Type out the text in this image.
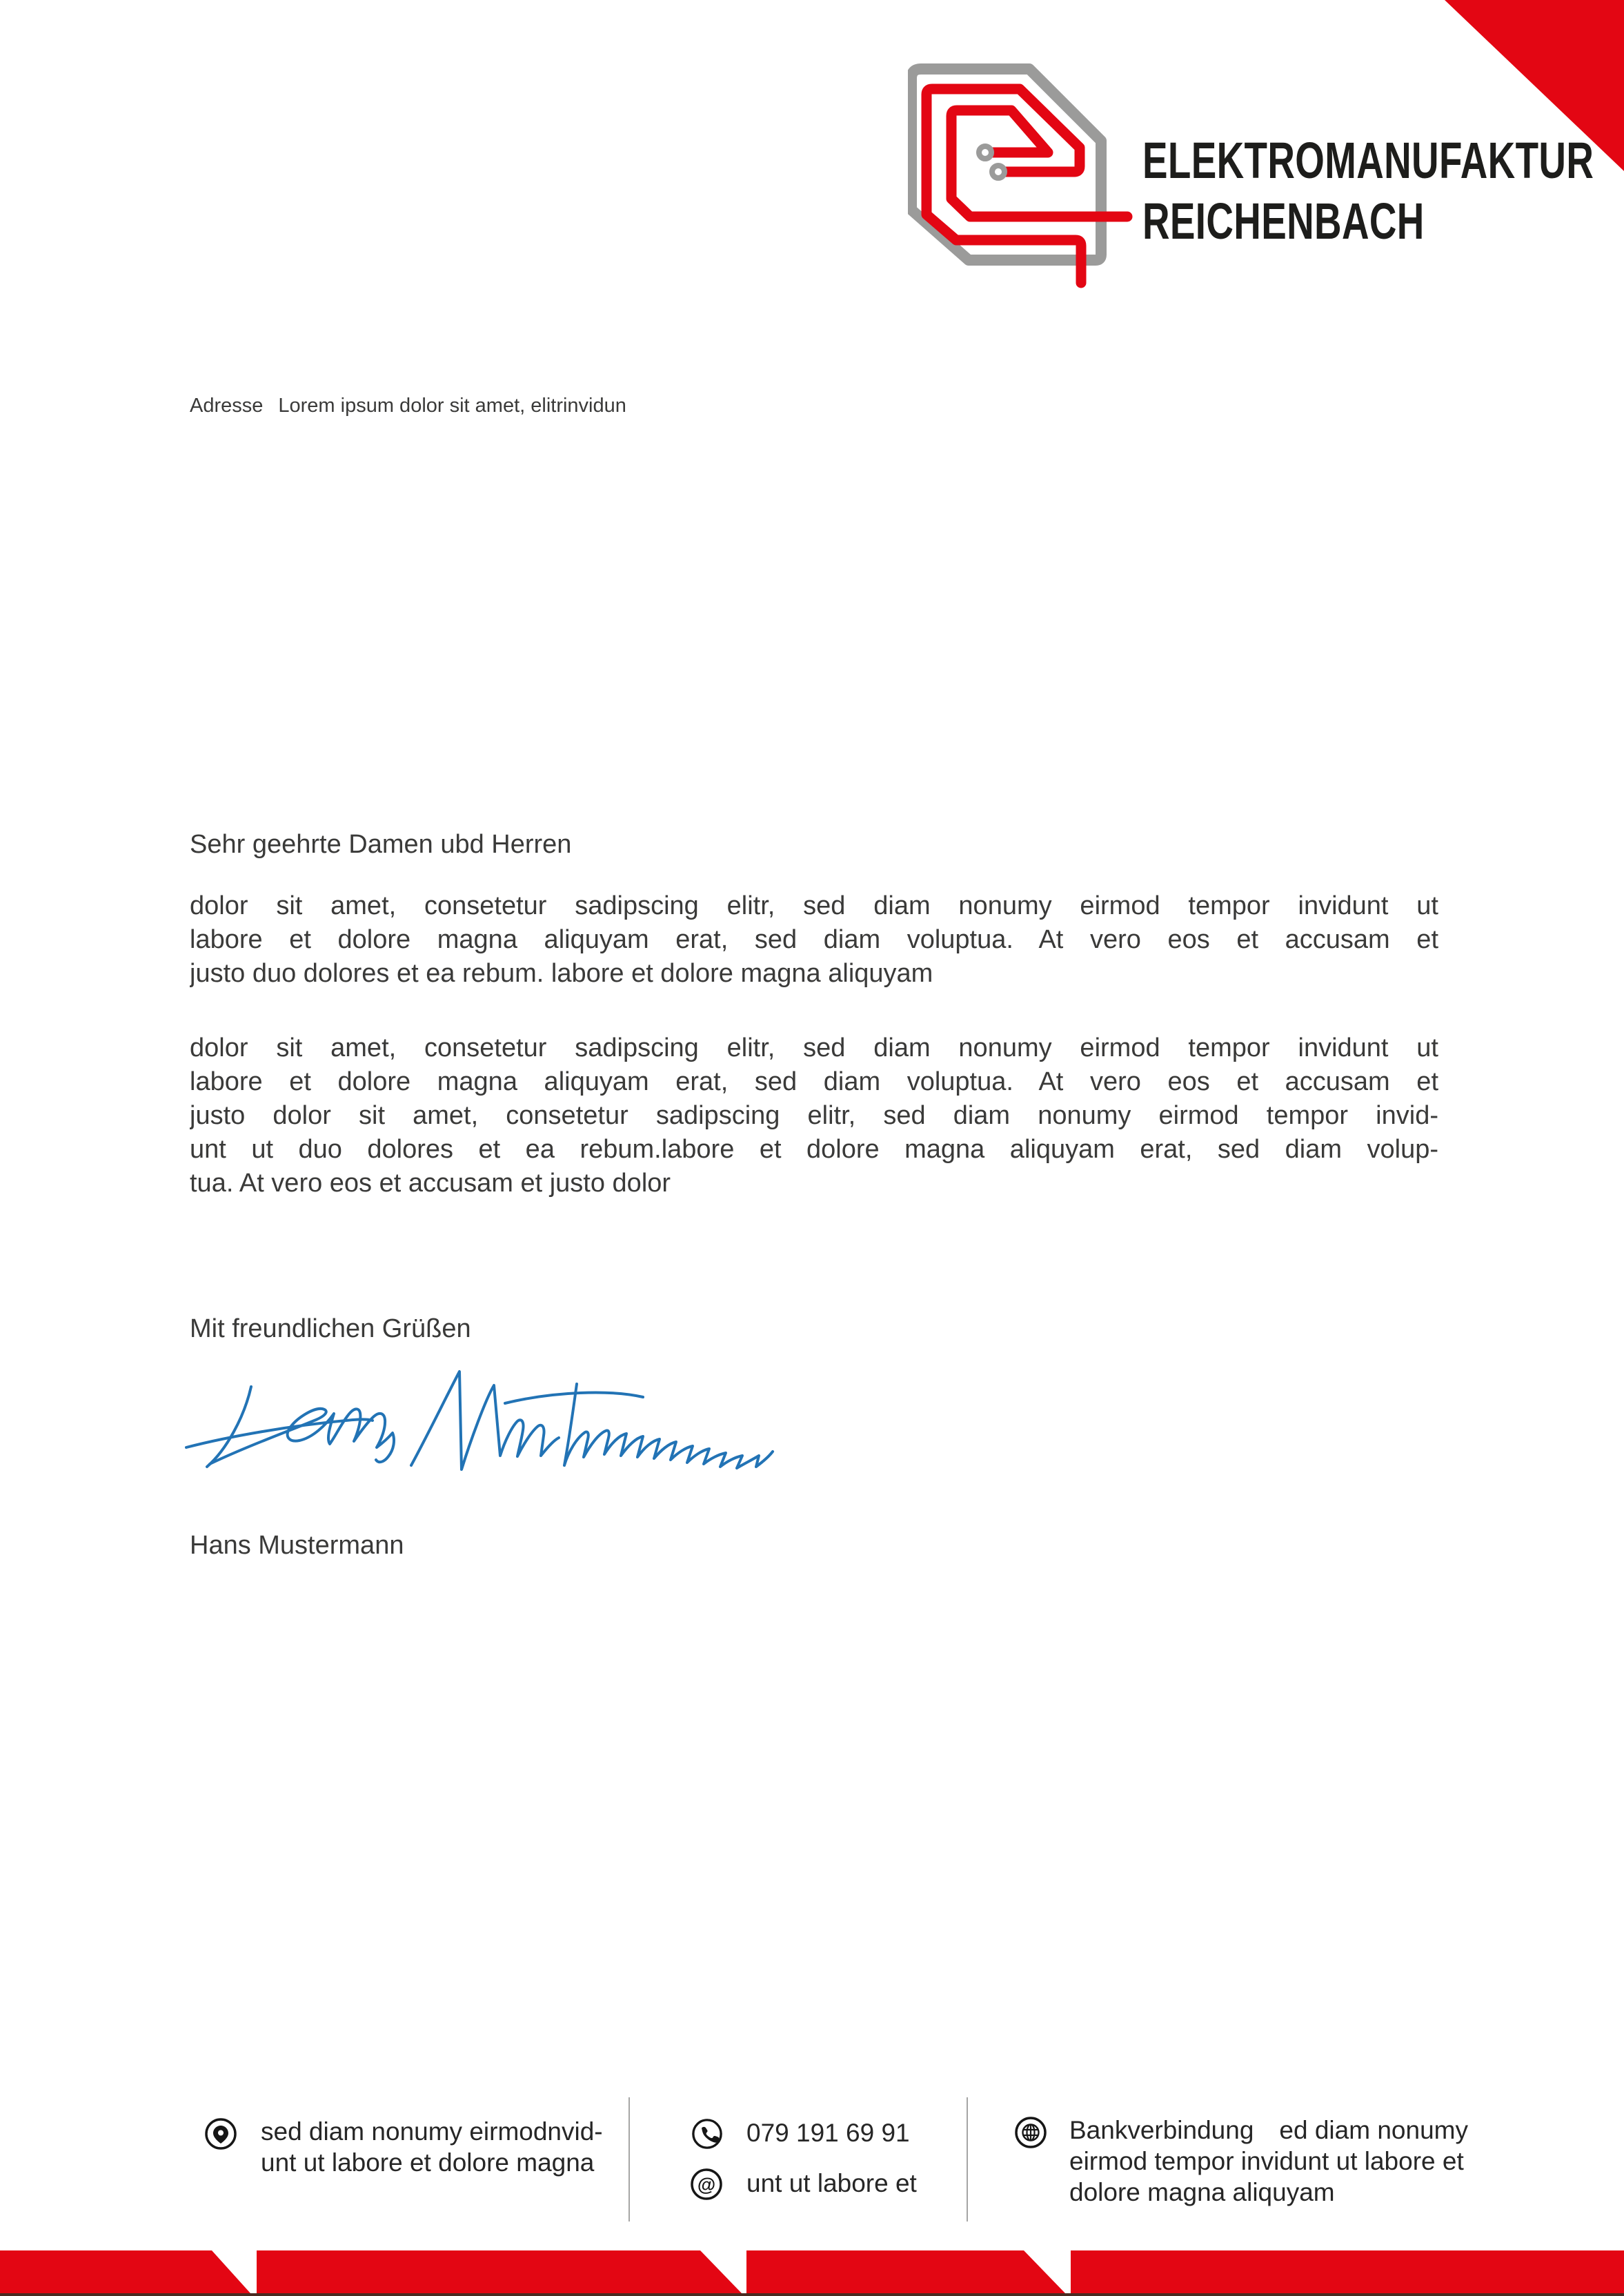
ELEKTROMANUFAKTUR
REICHENBACH
Adresse Lorem ipsum dolor sit amet, elitrinvidun
Sehr geehrte Damen ubd Herren
dolor sit amet, consetetur sadipscing elitr, sed diam nonumy eirmod tempor invidunt ut
labore et dolore magna aliquyam erat, sed diam voluptua. At vero eos et accusam et
justo duo dolores et ea rebum. labore et dolore magna aliquyam
dolor sit amet, consetetur sadipscing elitr, sed diam nonumy eirmod tempor invidunt ut
labore et dolore magna aliquyam erat, sed diam voluptua. At vero eos et accusam et
justo dolor sit amet, consetetur sadipscing elitr, sed diam nonumy eirmod tempor invid-
unt ut duo dolores et ea rebum.labore et dolore magna aliquyam erat, sed diam volup-
tua. At vero eos et accusam et justo dolor
Mit freundlichen Grüßen
Hans Mustermann
sed diam nonumy eirmodnvid-
unt ut labore et dolore magna
079 191 69 91
@ unt ut labore et
Bankverbindung ed diam nonumy
eirmod tempor invidunt ut labore et
dolore magna aliquyam
